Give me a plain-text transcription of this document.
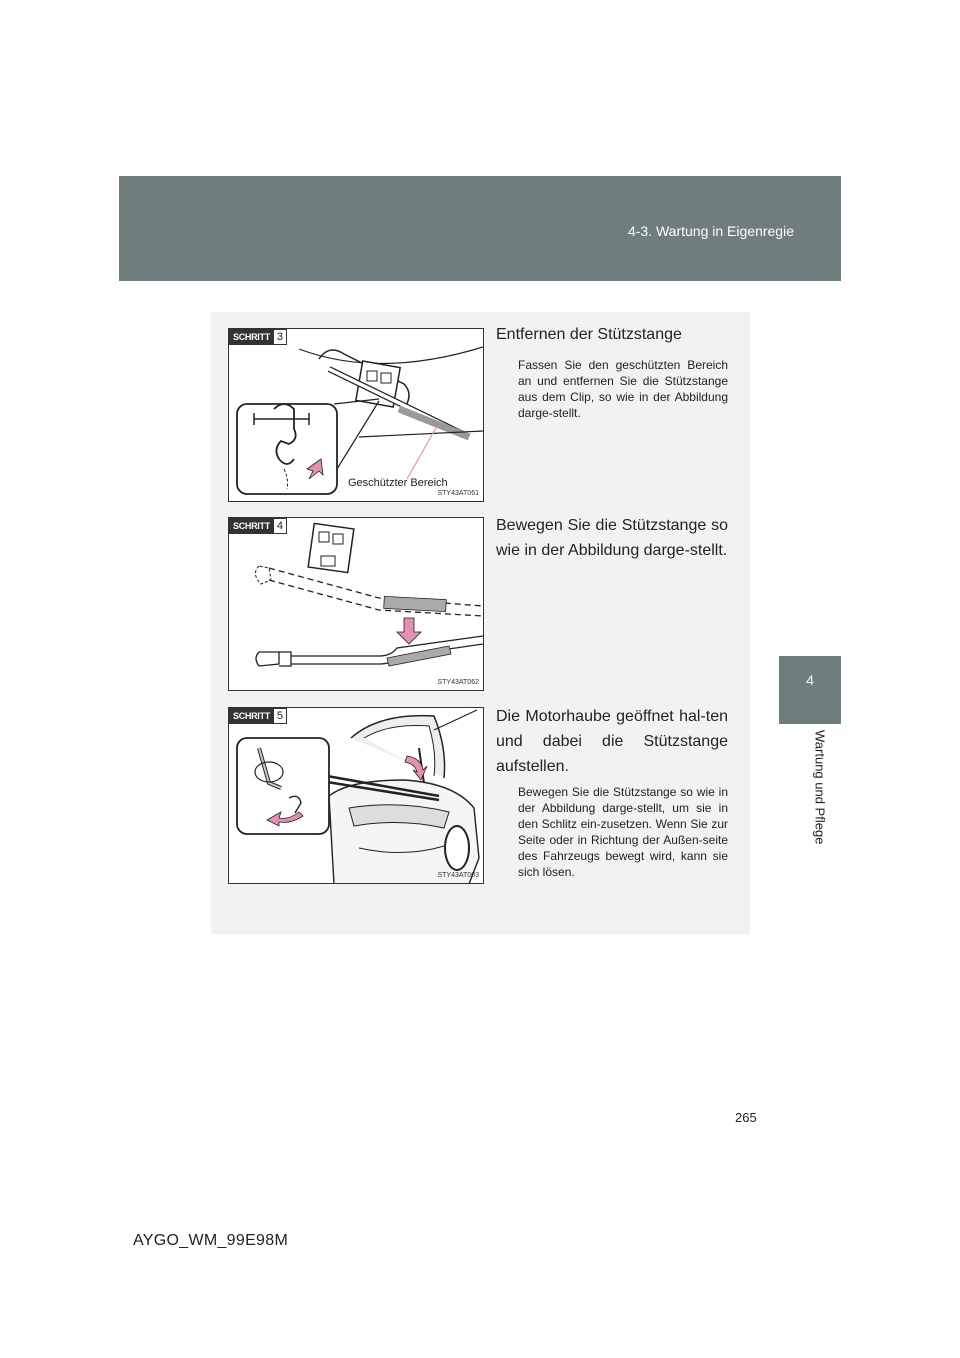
4-3. Wartung in Eigenregie
4
Wartung und Pflege
SCHRITT 3
Geschützter Bereich
STY43AT061
Entfernen der Stützstange
Fassen Sie den geschützten Bereich an und entfernen Sie die Stützstange aus dem Clip, so wie in der Abbildung darge-stellt.
SCHRITT 4
STY43AT062
Bewegen Sie die Stützstange so wie in der Abbildung darge-stellt.
SCHRITT 5
STY43AT003
Die Motorhaube geöffnet hal-ten und dabei die Stützstange aufstellen.
Bewegen Sie die Stützstange so wie in der Abbildung darge-stellt, um sie in den Schlitz ein-zusetzen. Wenn Sie zur Seite oder in Richtung der Außen-seite des Fahrzeugs bewegt wird, kann sie sich lösen.
265
AYGO_WM_99E98M
